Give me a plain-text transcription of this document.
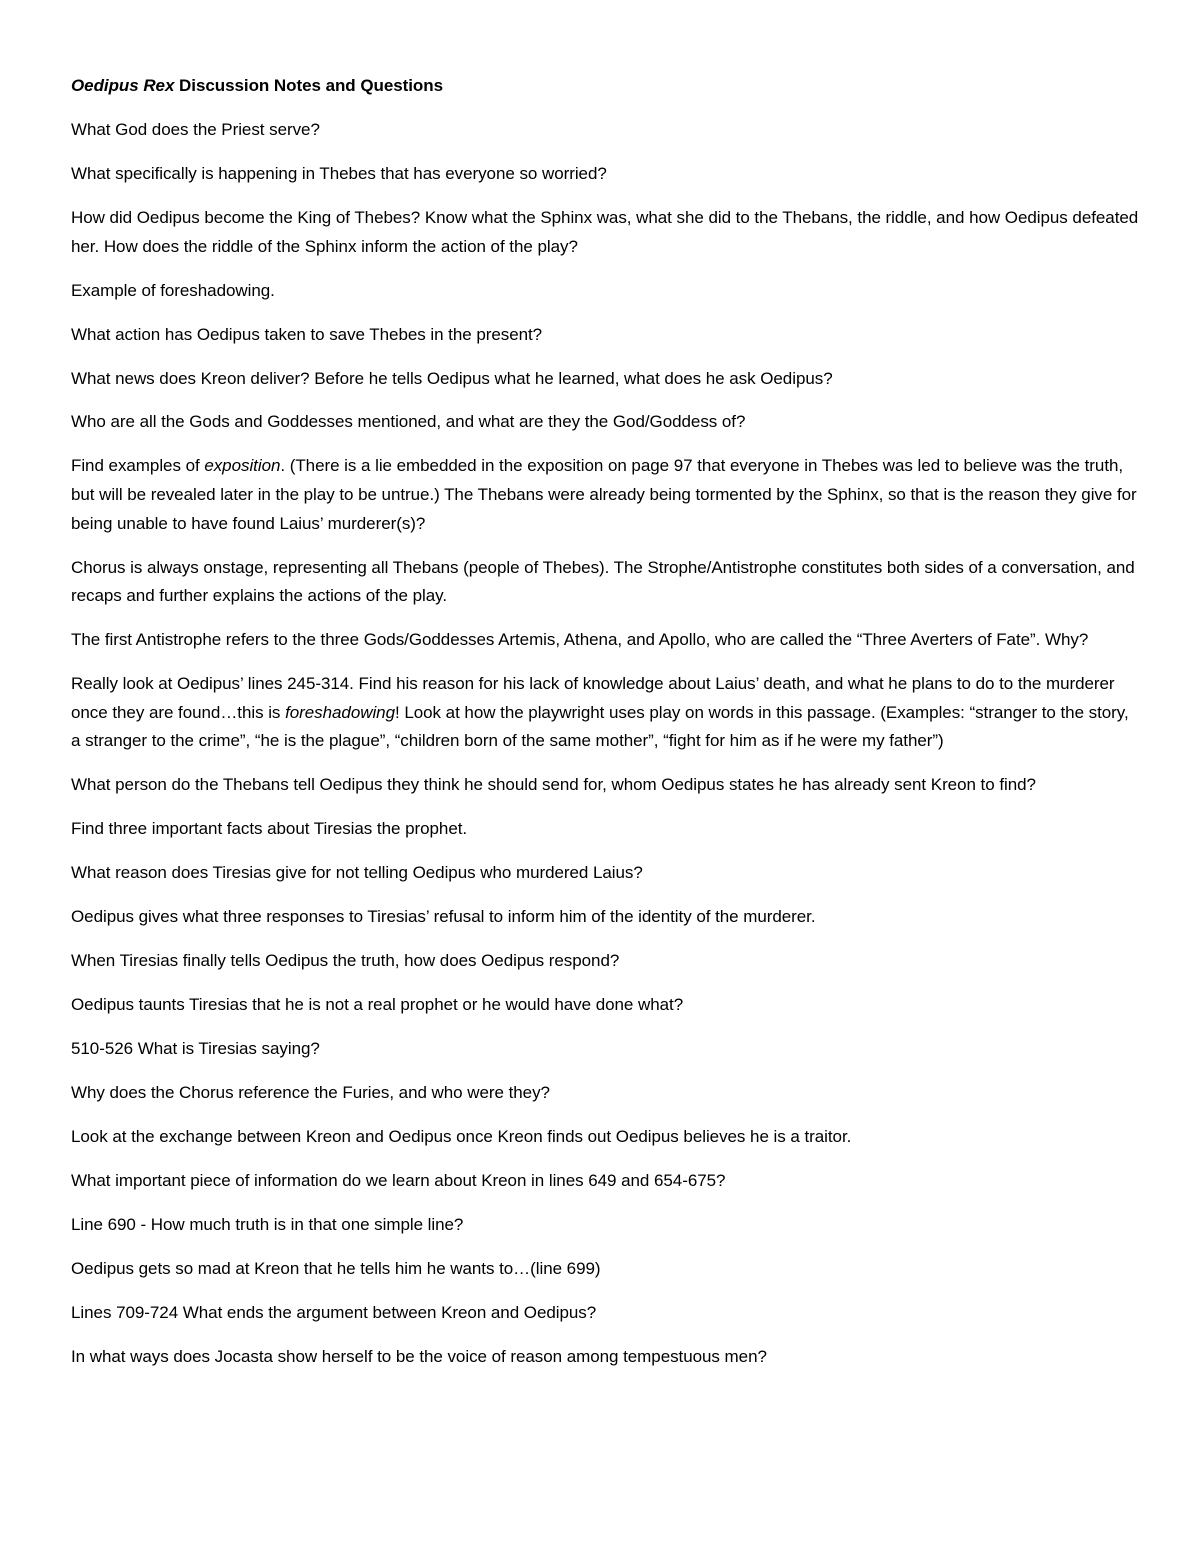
Oedipus Rex Discussion Notes and Questions

What God does the Priest serve?

What specifically is happening in Thebes that has everyone so worried?

How did Oedipus become the King of Thebes? Know what the Sphinx was, what she did to the Thebans, the riddle, and how Oedipus defeated her. How does the riddle of the Sphinx inform the action of the play?

Example of foreshadowing.

What action has Oedipus taken to save Thebes in the present?

What news does Kreon deliver? Before he tells Oedipus what he learned, what does he ask Oedipus?

Who are all the Gods and Goddesses mentioned, and what are they the God/Goddess of?

Find examples of exposition. (There is a lie embedded in the exposition on page 97 that everyone in Thebes was led to believe was the truth, but will be revealed later in the play to be untrue.) The Thebans were already being tormented by the Sphinx, so that is the reason they give for being unable to have found Laius’ murderer(s)?

Chorus is always onstage, representing all Thebans (people of Thebes). The Strophe/Antistrophe constitutes both sides of a conversation, and recaps and further explains the actions of the play.

The first Antistrophe refers to the three Gods/Goddesses Artemis, Athena, and Apollo, who are called the “Three Averters of Fate”. Why?

Really look at Oedipus’ lines 245-314. Find his reason for his lack of knowledge about Laius’ death, and what he plans to do to the murderer once they are found…this is foreshadowing! Look at how the playwright uses play on words in this passage. (Examples: “stranger to the story, a stranger to the crime”, “he is the plague”, “children born of the same mother”, “fight for him as if he were my father”)

What person do the Thebans tell Oedipus they think he should send for, whom Oedipus states he has already sent Kreon to find?

Find three important facts about Tiresias the prophet.

What reason does Tiresias give for not telling Oedipus who murdered Laius?

Oedipus gives what three responses to Tiresias’ refusal to inform him of the identity of the murderer.

When Tiresias finally tells Oedipus the truth, how does Oedipus respond?

Oedipus taunts Tiresias that he is not a real prophet or he would have done what?

510-526 What is Tiresias saying?

Why does the Chorus reference the Furies, and who were they?

Look at the exchange between Kreon and Oedipus once Kreon finds out Oedipus believes he is a traitor.

What important piece of information do we learn about Kreon in lines 649 and 654-675?

Line 690 - How much truth is in that one simple line?

Oedipus gets so mad at Kreon that he tells him he wants to…(line 699)

Lines 709-724 What ends the argument between Kreon and Oedipus?

In what ways does Jocasta show herself to be the voice of reason among tempestuous men?
